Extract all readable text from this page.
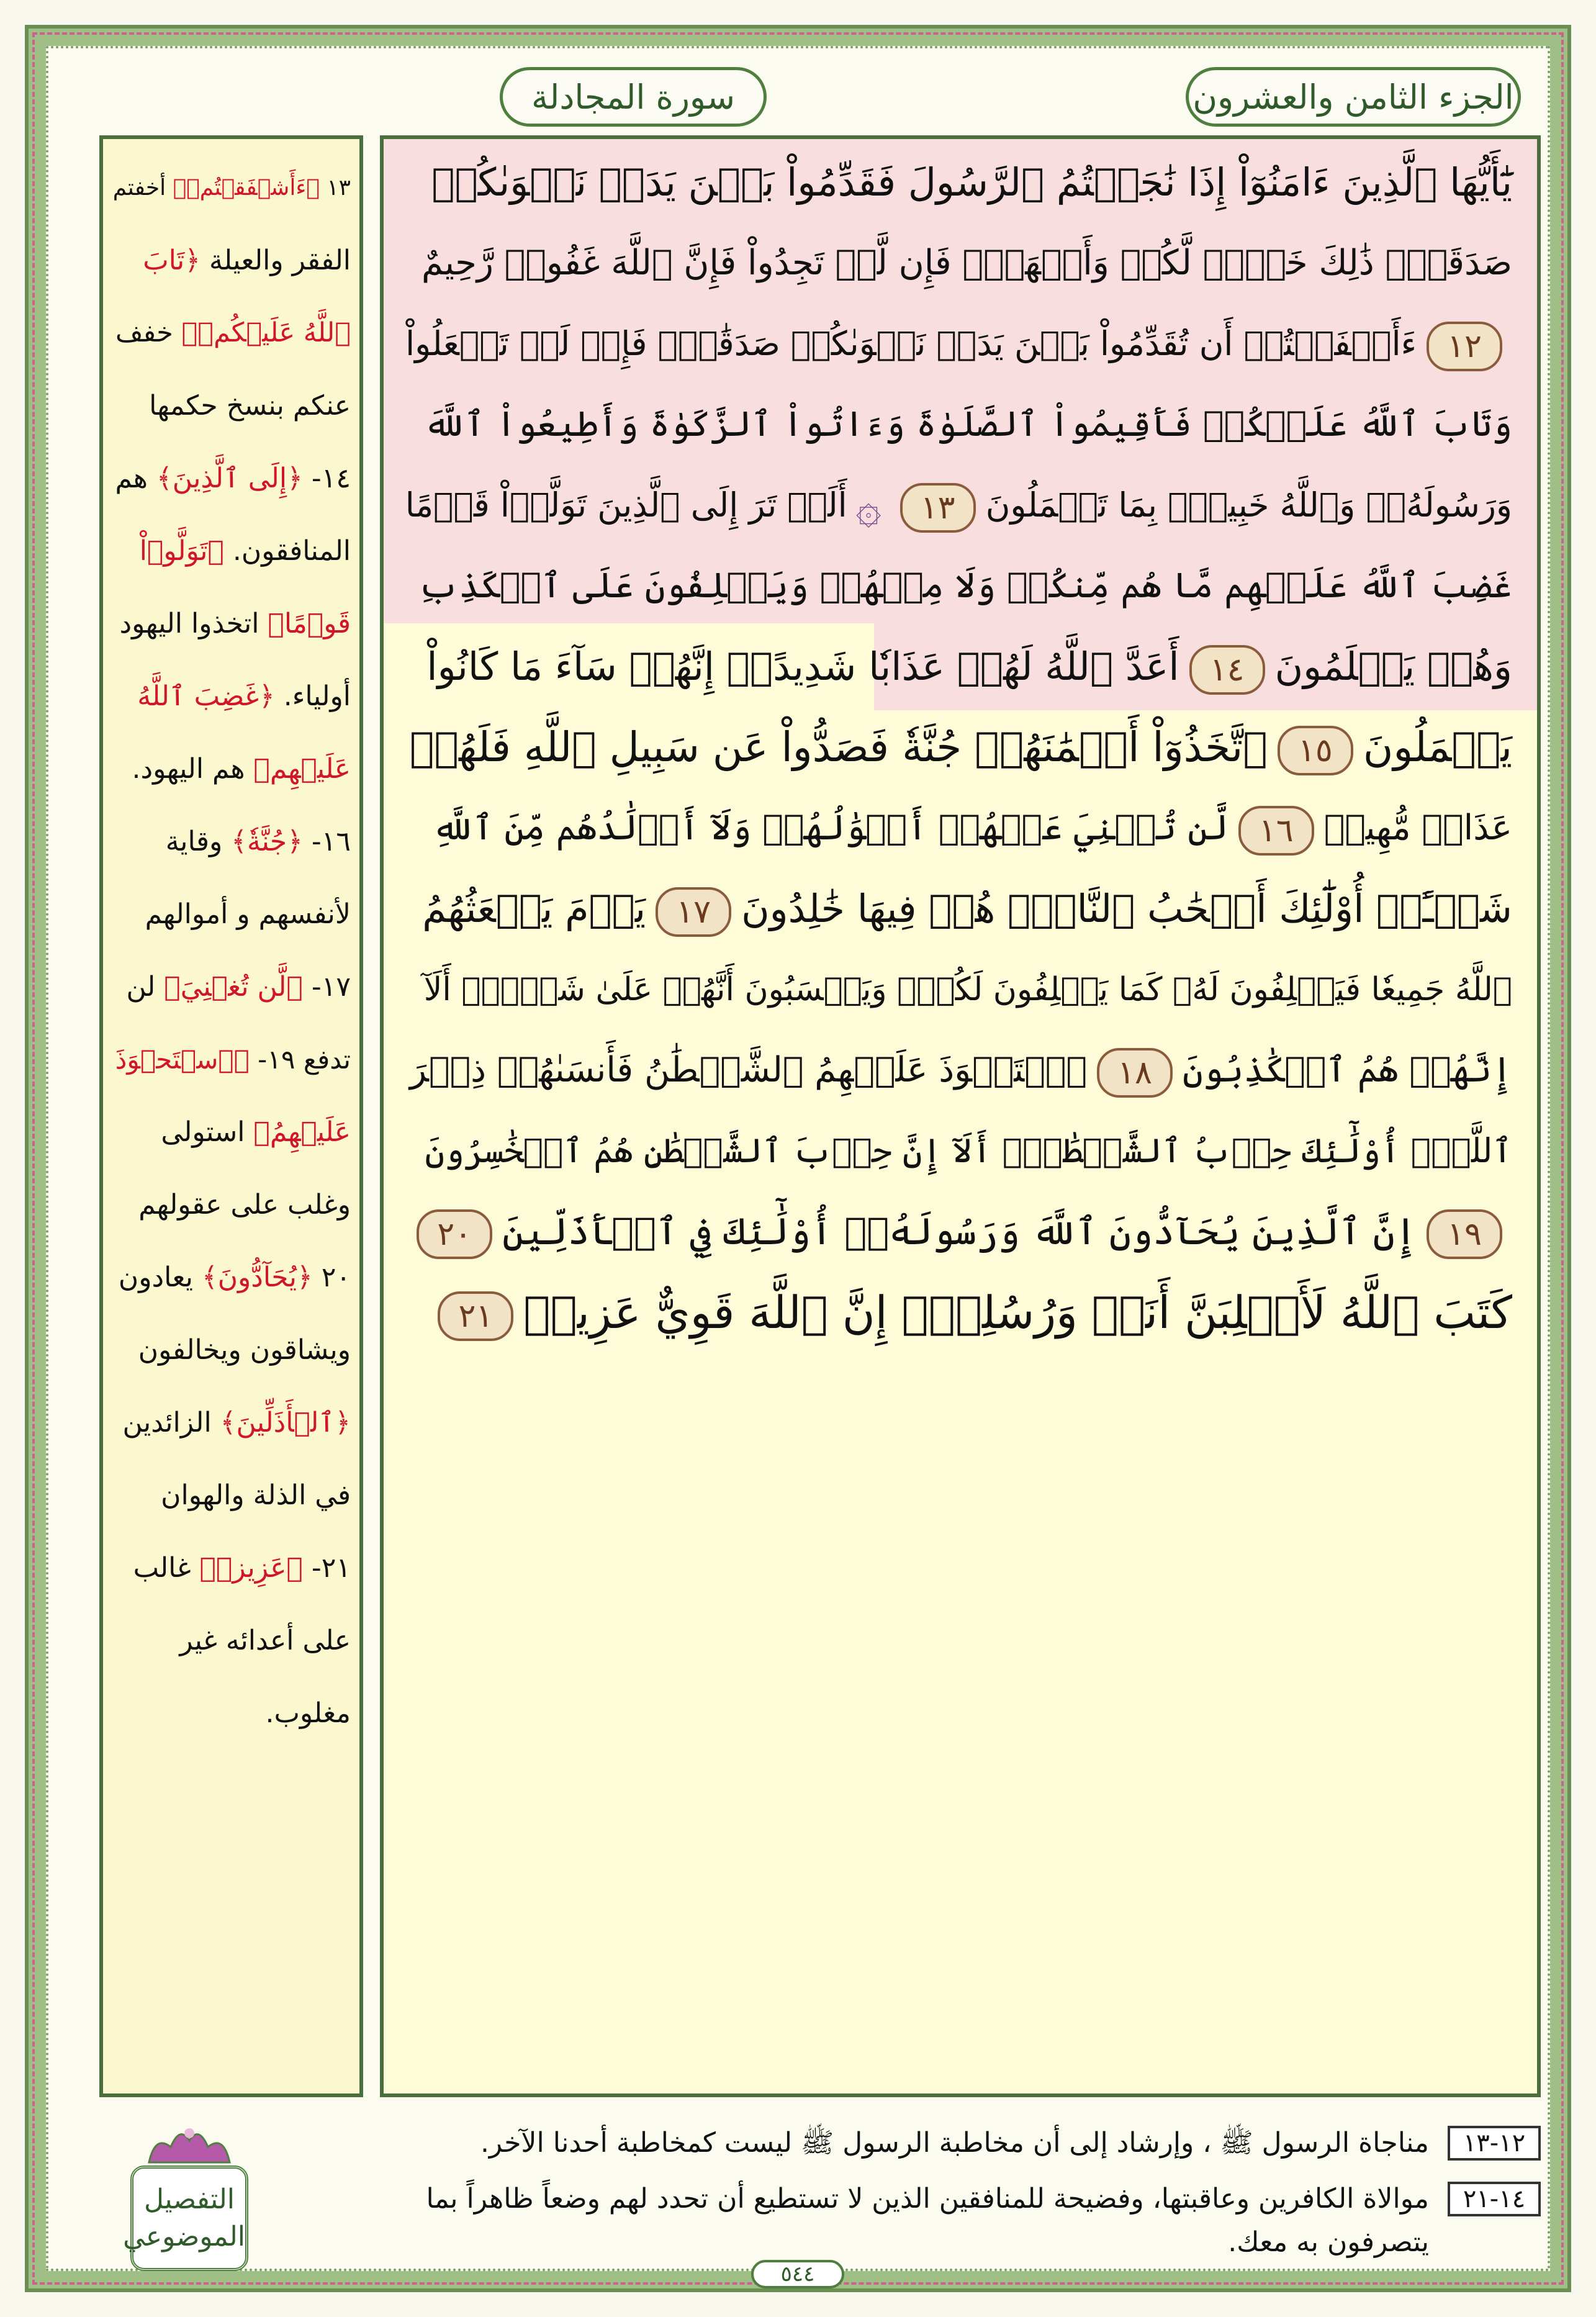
الجزء الثامن والعشرون
سورة المجادلة
يَٰٓأَيُّهَا ٱلَّذِينَ ءَامَنُوٓاْ إِذَا نَٰجَيۡتُمُ ٱلرَّسُولَ فَقَدِّمُواْ بَيۡنَ يَدَيۡ نَجۡوَىٰكُمۡ
صَدَقَةٗۚ ذَٰلِكَ خَيۡرٞ لَّكُمۡ وَأَطۡهَرُۚ فَإِن لَّمۡ تَجِدُواْ فَإِنَّ ٱللَّهَ غَفُورٞ رَّحِيمٌ
١٢ءَأَشۡفَقۡتُمۡ أَن تُقَدِّمُواْ بَيۡنَ يَدَيۡ نَجۡوَىٰكُمۡ صَدَقَٰتٖۚ فَإِذۡ لَمۡ تَفۡعَلُواْ
وَتَابَ ٱللَّهُ عَلَيۡكُمۡ فَأَقِيمُواْ ٱلصَّلَوٰةَ وَءَاتُواْ ٱلزَّكَوٰةَ وَأَطِيعُواْ ٱللَّهَ
وَرَسُولَهُۥۚ وَٱللَّهُ خَبِيرُۢ بِمَا تَعۡمَلُونَ١٣۞أَلَمۡ تَرَ إِلَى ٱلَّذِينَ تَوَلَّوۡاْ قَوۡمًا
غَضِبَ ٱللَّهُ عَلَيۡهِم مَّا هُم مِّنكُمۡ وَلَا مِنۡهُمۡ وَيَحۡلِفُونَ عَلَى ٱلۡكَذِبِ
وَهُمۡ يَعۡلَمُونَ١٤أَعَدَّ ٱللَّهُ لَهُمۡ عَذَابٗا شَدِيدًاۖ إِنَّهُمۡ سَآءَ مَا كَانُواْ
يَعۡمَلُونَ١٥ٱتَّخَذُوٓاْ أَيۡمَٰنَهُمۡ جُنَّةٗ فَصَدُّواْ عَن سَبِيلِ ٱللَّهِ فَلَهُمۡ
عَذَابٞ مُّهِينٞ١٦لَّن تُغۡنِيَ عَنۡهُمۡ أَمۡوَٰلُهُمۡ وَلَآ أَوۡلَٰدُهُم مِّنَ ٱللَّهِ
شَيۡـًٔاۚ أُوْلَٰٓئِكَ أَصۡحَٰبُ ٱلنَّارِۖ هُمۡ فِيهَا خَٰلِدُونَ١٧يَوۡمَ يَبۡعَثُهُمُ
ٱللَّهُ جَمِيعٗا فَيَحۡلِفُونَ لَهُۥ كَمَا يَحۡلِفُونَ لَكُمۡۖ وَيَحۡسَبُونَ أَنَّهُمۡ عَلَىٰ شَيۡءٍۚ أَلَآ
إِنَّهُمۡ هُمُ ٱلۡكَٰذِبُونَ١٨ٱسۡتَحۡوَذَ عَلَيۡهِمُ ٱلشَّيۡطَٰنُ فَأَنسَىٰهُمۡ ذِكۡرَ
ٱللَّهِۚ أُوْلَٰٓئِكَ حِزۡبُ ٱلشَّيۡطَٰنِۚ أَلَآ إِنَّ حِزۡبَ ٱلشَّيۡطَٰنِ هُمُ ٱلۡخَٰسِرُونَ
١٩إِنَّ ٱلَّذِينَ يُحَآدُّونَ ٱللَّهَ وَرَسُولَهُۥٓ أُوْلَٰٓئِكَ فِي ٱلۡأَذَلِّينَ٢٠
كَتَبَ ٱللَّهُ لَأَغۡلِبَنَّ أَنَا۠ وَرُسُلِيٓۚ إِنَّ ٱللَّهَ قَوِيٌّ عَزِيزٞ٢١
١٣ ﴿ءَأَشۡفَقۡتُمۡ﴾ أخفتم
الفقر والعيلة ﴿تَابَ
ٱللَّهُ عَلَيۡكُمۡ﴾ خفف
عنكم بنسخ حكمها
١٤- ﴿إِلَى ٱلَّذِينَ﴾ هم
المنافقون. ﴿تَوَلَّوۡاْ
قَوۡمًا﴾ اتخذوا اليهود
أولياء. ﴿غَضِبَ ٱللَّهُ
عَلَيۡهِم﴾ هم اليهود.
١٦- ﴿جُنَّةٗ﴾ وقاية
لأنفسهم و أموالهم
١٧- ﴿لَّن تُغۡنِيَ﴾ لن
تدفع ١٩- ﴿ٱسۡتَحۡوَذَ
عَلَيۡهِمُ﴾ استولى
وغلب على عقولهم
٢٠ ﴿يُحَآدُّونَ﴾ يعادون
ويشاقون ويخالفون
﴿ٱلۡأَذَلِّينَ﴾ الزائدين
في الذلة والهوان
٢١- ﴿عَزِيزٞ﴾ غالب
على أعدائه غير
مغلوب.
١٢-١٣
مناجاة الرسول ﷺ ، وإرشاد إلى أن مخاطبة الرسول ﷺ ليست كمخاطبة أحدنا الآخر.
١٤-٢١
موالاة الكافرين وعاقبتها، وفضيحة للمنافقين الذين لا تستطيع أن تحدد لهم وضعاً ظاهراً بما
يتصرفون به معك.
التفصيل
الموضوعي
٥٤٤
